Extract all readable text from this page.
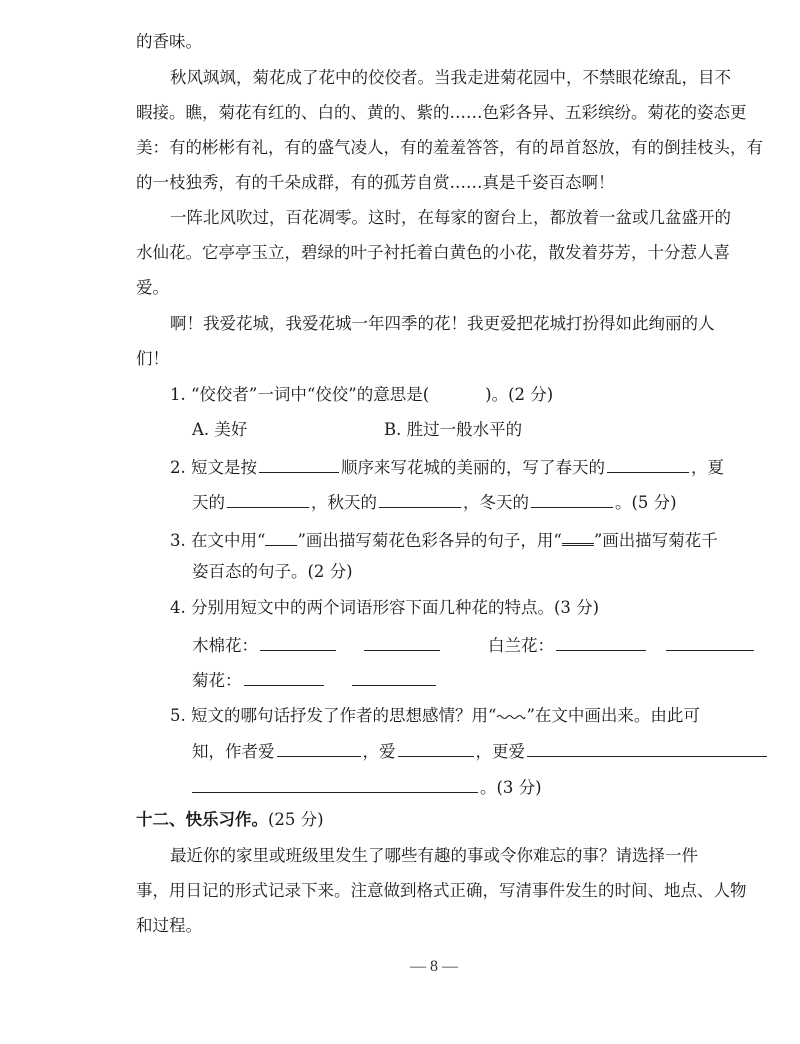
的香味。
秋风飒飒，菊花成了花中的佼佼者。当我走进菊花园中，不禁眼花缭乱，目不
暇接。瞧，菊花有红的、白的、黄的、紫的……色彩各异、五彩缤纷。菊花的姿态更
美：有的彬彬有礼，有的盛气凌人，有的羞羞答答，有的昂首怒放，有的倒挂枝头，有
的一枝独秀，有的千朵成群，有的孤芳自赏……真是千姿百态啊！
一阵北风吹过，百花凋零。这时，在每家的窗台上，都放着一盆或几盆盛开的
水仙花。它亭亭玉立，碧绿的叶子衬托着白黄色的小花，散发着芬芳，十分惹人喜
爱。
啊！我爱花城，我爱花城一年四季的花！我更爱把花城打扮得如此绚丽的人
们！
1. “佼佼者”一词中“佼佼”的意思是(	)。(2 分)
A. 美好	B. 胜过一般水平的
2. 短文是按	顺序来写花城的美丽的，写了春天的	，夏
天的	，秋天的	，冬天的	。(5 分)
3. 在文中用“ ”画出描写菊花色彩各异的句子，用“ ”画出描写菊花千
姿百态的句子。(2 分)
4. 分别用短文中的两个词语形容下面几种花的特点。(3 分)
木棉花：	白兰花：
菊花：
5. 短文的哪句话抒发了作者的思想感情？用“ ”在文中画出来。由此可
知，作者爱	，爱	，更爱
。(3 分)
十二、快乐习作。(25 分)
最近你的家里或班级里发生了哪些有趣的事或令你难忘的事？请选择一件
事，用日记的形式记录下来。注意做到格式正确，写清事件发生的时间、地点、人物
和过程。
— 8 —
